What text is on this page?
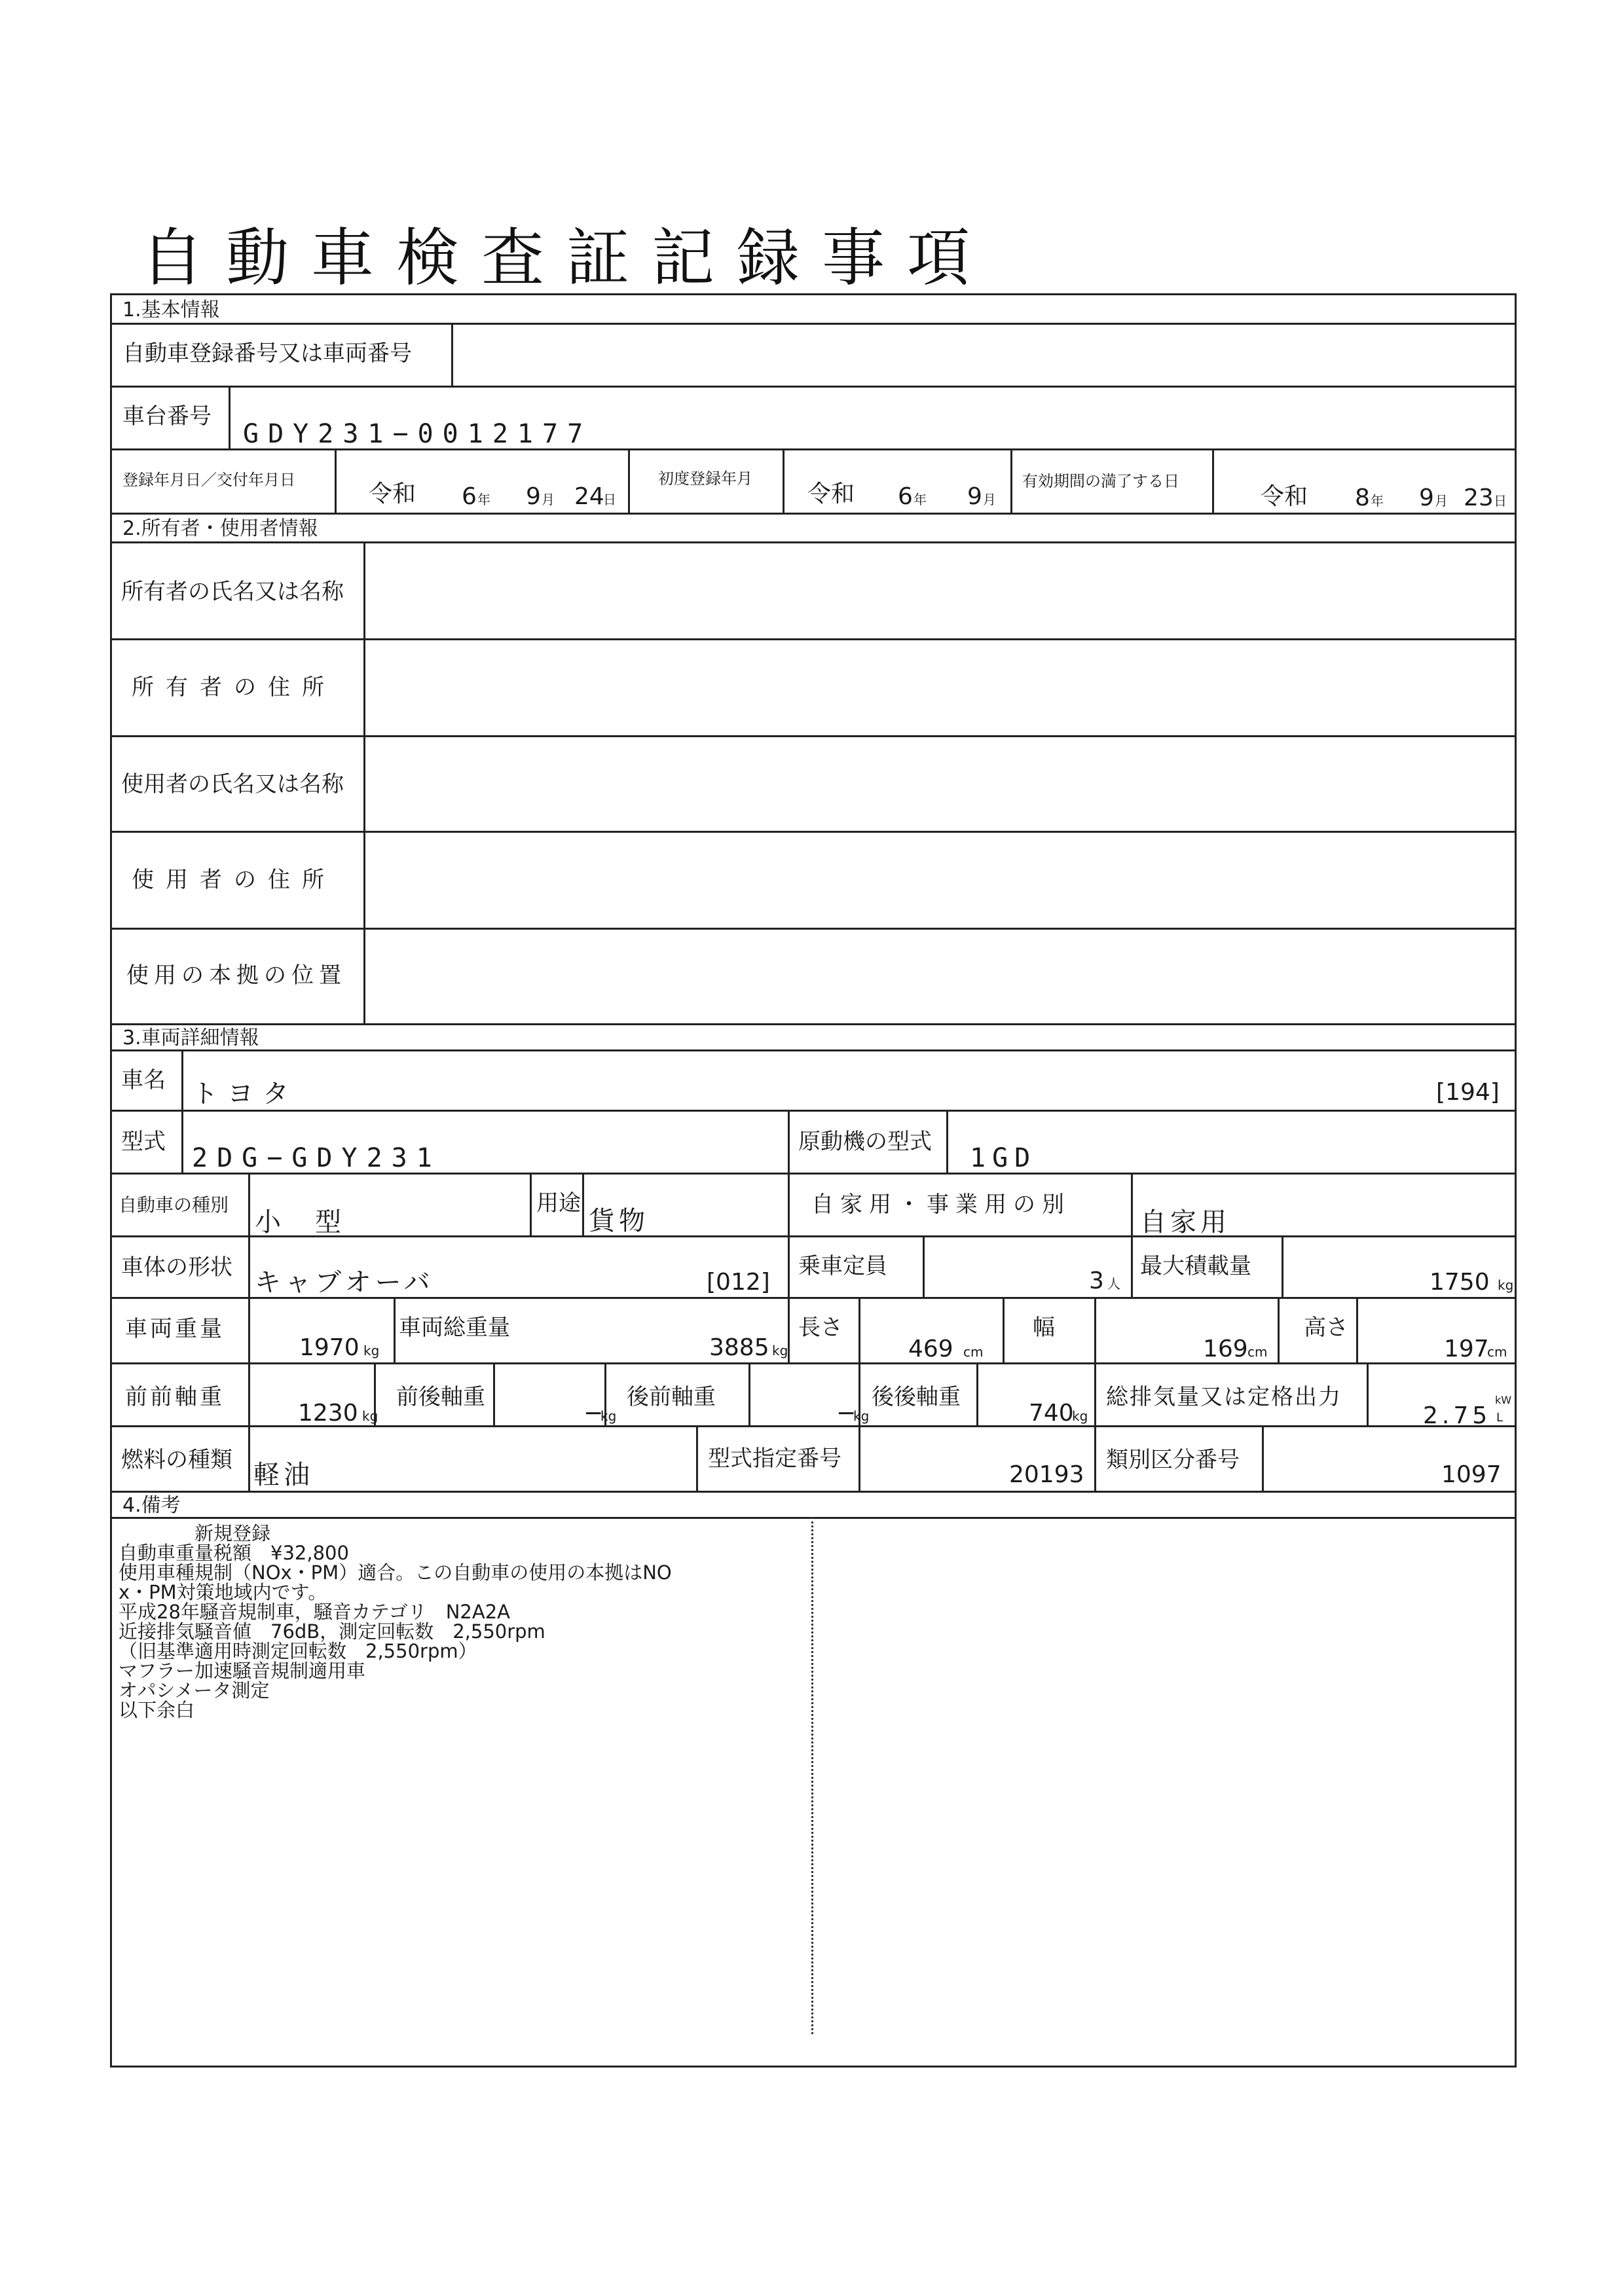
自動車検査証記録事項
1.基本情報
2.所有者・使用者情報
3.車両詳細情報
4.備考
自動車登録番号又は車両番号
車台番号
GDY231−0012177
登録年月日／交付年月日
令和 6 年 9 月 24
日
初度登録年月
令和 6 年 9 月
有効期間の満了する日
令和 8 年 9 月 23 日
所有者の氏名又は名称
所有者の住所
使用者の氏名又は名称
使用者の住所
使用の本拠の位置
車名 トヨタ	[194]
型式
2DG−GDY231
原動機の型式
1GD
自動車の種別
小　型
用途
貨物
自家用・事業用の別
自家用
車体の形状 キャブオーバ	[012]
乗車定員
3 人
最大積載量
1750 kg
車両重量
1970 kg
車両総重量
3885 kg
長さ
469 cm
幅
169 cm
高さ
197
cm
前前軸重
1230 kg
前後軸重
−
kg
後前軸重
−
kg
後後軸重
740
kg
総排気量又は定格出力
2.75
kW
L
燃料の種類 軽油
型式指定番号
20193
類別区分番号
1097
　　　　新規登録
自動車重量税額　¥32,800
使用車種規制（NOx・PM）適合。この自動車の使用の本拠はNO
x・PM対策地域内です。
平成28年騒音規制車，騒音カテゴリ　N2A2A
近接排気騒音値　76dB，測定回転数　2,550rpm
（旧基準適用時測定回転数　2,550rpm）
マフラー加速騒音規制適用車
オパシメータ測定
以下余白
